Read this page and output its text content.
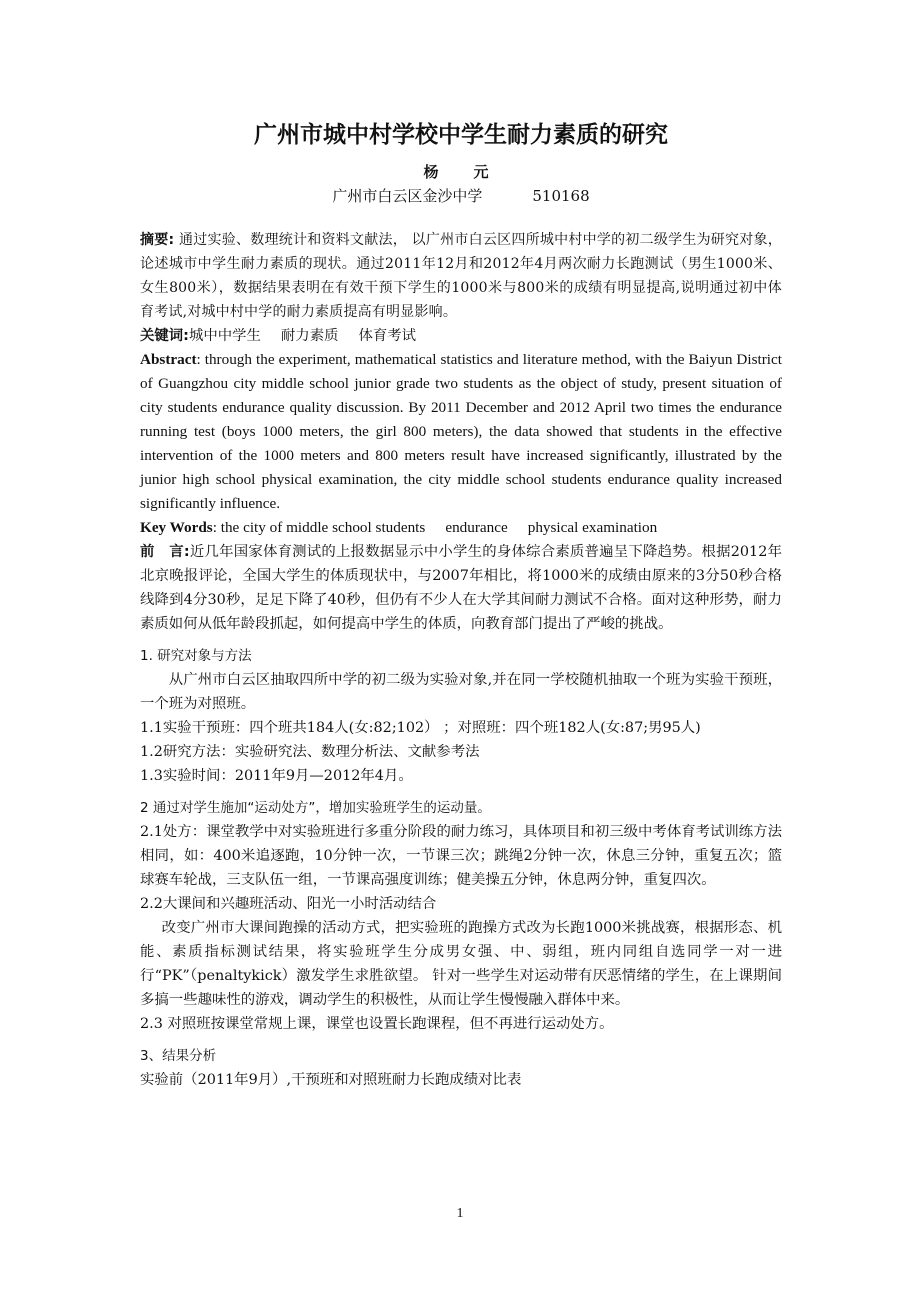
广州市城中村学校中学生耐力素质的研究
杨　元
广州市白云区金沙中学	510168

摘要: 通过实验、数理统计和资料文献法， 以广州市白云区四所城中村中学的初二级学生为研究对象，论述城市中学生耐力素质的现状。通过2011年12月和2012年4月两次耐力长跑测试（男生1000米、女生800米），数据结果表明在有效干预下学生的1000米与800米的成绩有明显提高,说明通过初中体育考试,对城中村中学的耐力素质提高有明显影响。

关键词:城中中学生 耐力素质 体育考试

Abstract: through the experiment, mathematical statistics and literature method, with the Baiyun District of Guangzhou city middle school junior grade two students as the object of study, present situation of city students endurance quality discussion. By 2011 December and 2012 April two times the endurance running test (boys 1000 meters, the girl 800 meters), the data showed that students in the effective intervention of the 1000 meters and 800 meters result have increased significantly, illustrated by the junior high school physical examination, the city middle school students endurance quality increased significantly influence.

Key Words: the city of middle school students endurance physical examination

前　言:近几年国家体育测试的上报数据显示中小学生的身体综合素质普遍呈下降趋势。根据2012年北京晚报评论，全国大学生的体质现状中，与2007年相比，将1000米的成绩由原来的3分50秒合格线降到4分30秒，足足下降了40秒，但仍有不少人在大学其间耐力测试不合格。面对这种形势，耐力素质如何从低年龄段抓起，如何提高中学生的体质，向教育部门提出了严峻的挑战。

1. 研究对象与方法

从广州市白云区抽取四所中学的初二级为实验对象,并在同一学校随机抽取一个班为实验干预班，一个班为对照班。

1.1实验干预班：四个班共184人(女:82;102） ；对照班：四个班182人(女:87;男95人)

1.2研究方法：实验研究法、数理分析法、文献参考法

1.3实验时间：2011年9月—2012年4月。

2 通过对学生施加“运动处方”，增加实验班学生的运动量。

2.1处方：课堂教学中对实验班进行多重分阶段的耐力练习，具体项目和初三级中考体育考试训练方法相同，如：400米追逐跑，10分钟一次，一节课三次；跳绳2分钟一次，休息三分钟，重复五次；篮球赛车轮战，三支队伍一组，一节课高强度训练；健美操五分钟，休息两分钟，重复四次。

2.2大课间和兴趣班活动、阳光一小时活动结合

改变广州市大课间跑操的活动方式，把实验班的跑操方式改为长跑1000米挑战赛，根据形态、机能、素质指标测试结果，将实验班学生分成男女强、中、弱组，班内同组自选同学一对一进行“PK”（penaltykick）激发学生求胜欲望。 针对一些学生对运动带有厌恶情绪的学生，在上课期间多搞一些趣味性的游戏，调动学生的积极性，从而让学生慢慢融入群体中来。

2.3 对照班按课堂常规上课，课堂也设置长跑课程，但不再进行运动处方。

3、结果分析

实验前（2011年9月）,干预班和对照班耐力长跑成绩对比表

1
